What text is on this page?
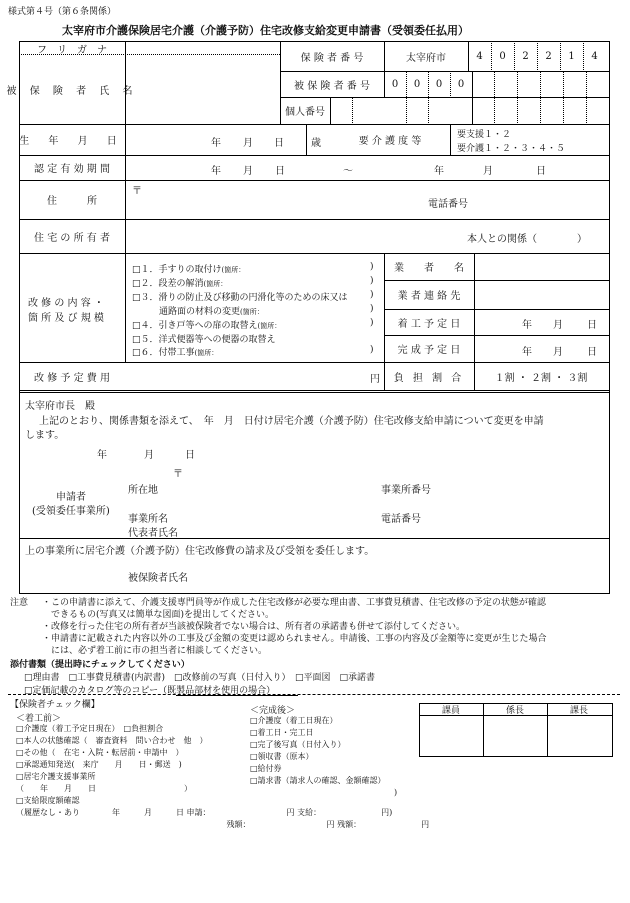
様式第４号（第６条関係）
太宰府市介護保険居宅介護（介護予防）住宅改修支給変更申請書（受領委任払用）
フ　リ　ガ　ナ
被 保 険 者 氏 名
保 険 者 番 号	太宰府市	4	0	2	2	1	4
被 保 険 者 番 号	0	0	0	0
個人番号
生 年 月 日	年 月 日	歳	要 介 護 度 等
要支援１・２
要介護１・２・３・４・５
認 定 有 効 期 間	年 月 日	～	年	月	日
住　　　所
〒
電話番号
住 宅 の 所 有 者	本人との関係（　　　　）
改 修 の 内 容 ・
箇 所 及 び 規 模
□１．手すりの取付け(箇所：	)
□２．段差の解消(箇所：	)
□３．滑りの防止及び移動の円滑化等のための床又は )
　　　通路面の材料の変更(箇所：	)
□４．引き戸等への扉の取替え(箇所：	)
□５．洋式便器等への便器の取替え
□６．付帯工事(箇所：	)
業　　者　　名
業 者 連 絡 先
着 工 予 定 日	年 月 日
完 成 予 定 日	年 月 日
改 修 予 定 費 用	円	負 担 割 合	１割 ・ ２割 ・ ３割
太宰府市長　殿
上記のとおり、関係書類を添えて、　年　月　日付け居宅介護（介護予防）住宅改修支給申請について変更を申請
します。
年	月	日
〒
申請者
(受領委任事業所)
所在地	事業所番号
事業所名	電話番号
代表者氏名
上の事業所に居宅介護（介護予防）住宅改修費の請求及び受領を委任します。
被保険者氏名
注意 ・この申請書に添えて、介護支援専門員等が作成した住宅改修が必要な理由書、工事費見積書、住宅改修の予定の状態が確認
　できるもの(写真又は簡単な図面)を提出してください。
・改修を行った住宅の所有者が当該被保険者でない場合は、所有者の承諾書も併せて添付してください。
・申請書に記載された内容以外の工事及び金額の変更は認められません。申請後、工事の内容及び金額等に変更が生じた場合
　には、必ず着工前に市の担当者に相談してください。
添付書類（提出時にチェックしてください）
□理由書　□工事費見積書(内訳書)　□改修前の写真（日付入り）　□平面図　□承諾書
□定価記載のカタログ等のコピー（既製品部材を使用の場合）
【保険者チェック欄】
＜着工前＞
□介護度（着工予定日現在）　□負担割合
□本人の状態確認（　審査資料　問い合わせ　他　）
□その他（　在宅・入院・転居前・申請中　）
□承認通知発送(　来庁　　月　　日・郵送　)
□居宅介護支援事業所
（　　年　　月　　日　　　　　　　　　　　）
□支給限度額確認
（履歴なし・あり　　　　年　　　月　　　日 申請：　　　　　　　　　　円 支給：　　　　　　　　円)
　　　　　　　　　　　　　　　　　　　　　　　　　　 残額：　　　　　　　　　　円 残額：　　　　　　　　円
＜完成後＞
□介護度（着工日現在）
□着工日・完工日
□完了後写真（日付入り）
□領収書（原本）
□給付券
□請求書（請求人の確認、金額確認）
　　　　　　　　　　　　　　　　　　)
課員	係長	課長
